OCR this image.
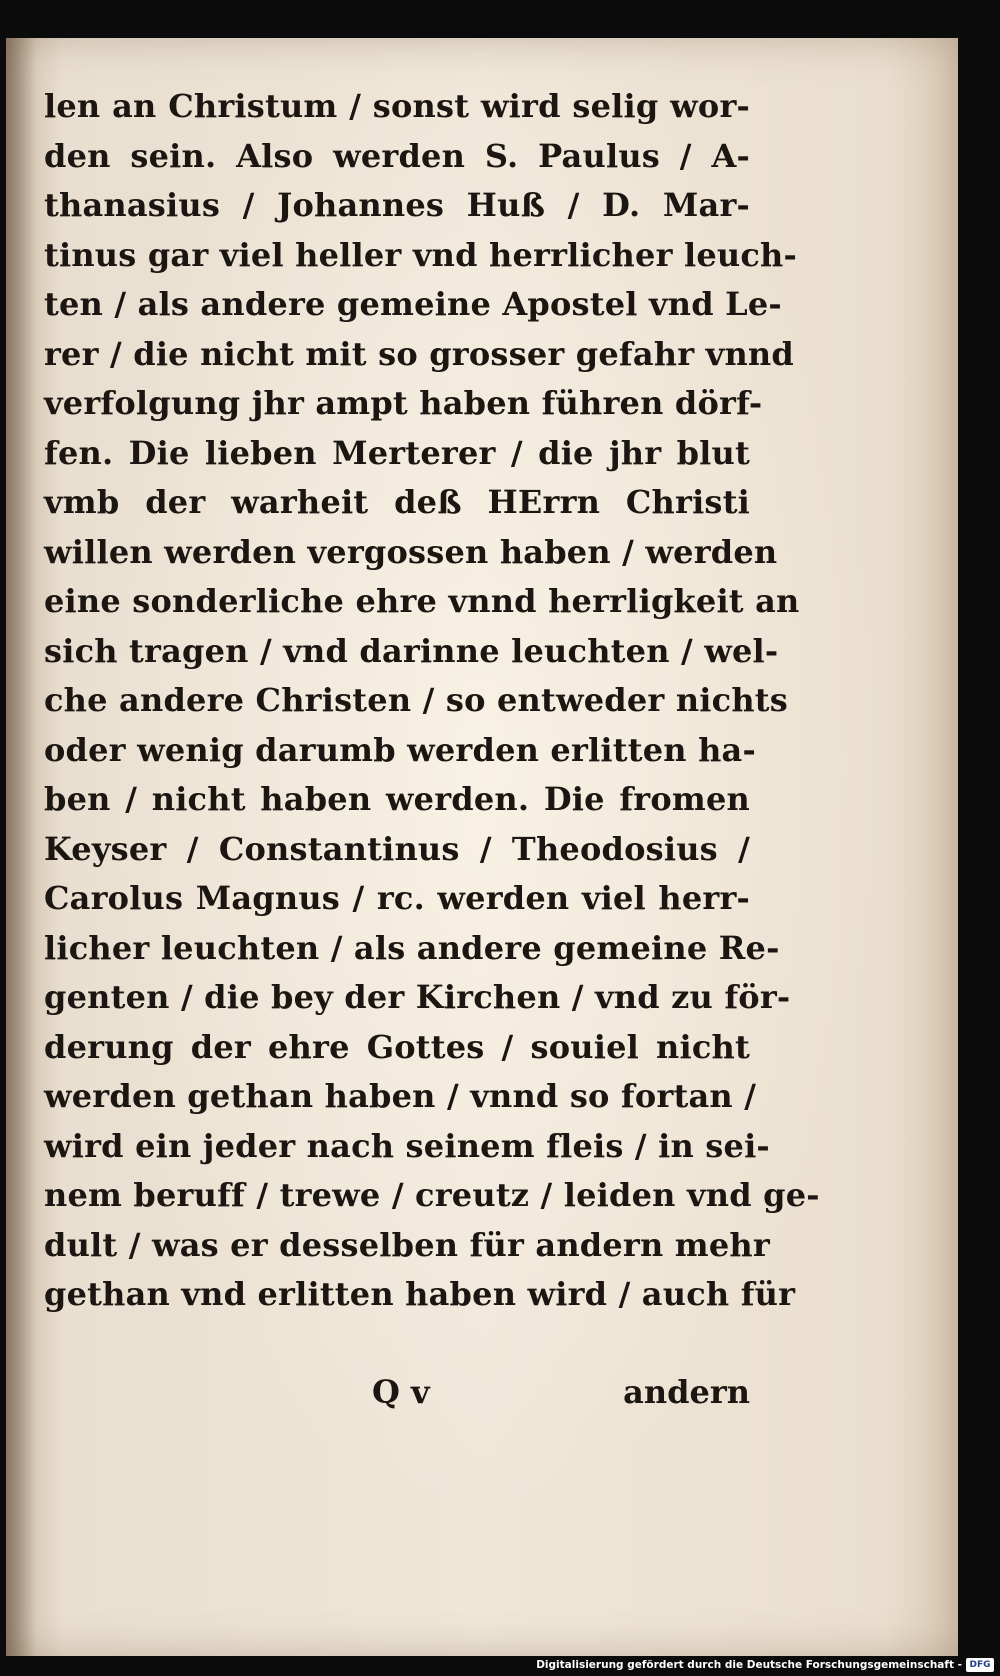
len an Christum / sonst wird selig wor-
den sein. Also werden S. Paulus / A-
thanasius / Johannes Huß / D. Mar-
tinus gar viel heller vnd herrlicher leuch-
ten / als andere gemeine Apostel vnd Le-
rer / die nicht mit so grosser gefahr vnnd
verfolgung jhr ampt haben führen dörf-
fen. Die lieben Merterer / die jhr blut
vmb der warheit deß HErrn Christi
willen werden vergossen haben / werden
eine sonderliche ehre vnnd herrligkeit an
sich tragen / vnd darinne leuchten / wel-
che andere Christen / so entweder nichts
oder wenig darumb werden erlitten ha-
ben / nicht haben werden. Die fromen
Keyser / Constantinus / Theodosius /
Carolus Magnus / rc. werden viel herr-
licher leuchten / als andere gemeine Re-
genten / die bey der Kirchen / vnd zu för-
derung der ehre Gottes / souiel nicht
werden gethan haben / vnnd so fortan /
wird ein jeder nach seinem fleis / in sei-
nem beruff / trewe / creutz / leiden vnd ge-
dult / was er desselben für andern mehr
gethan vnd erlitten haben wird / auch für
Q v	andern
Digitalisierung gefördert durch die Deutsche Forschungsgemeinschaft - DFG
